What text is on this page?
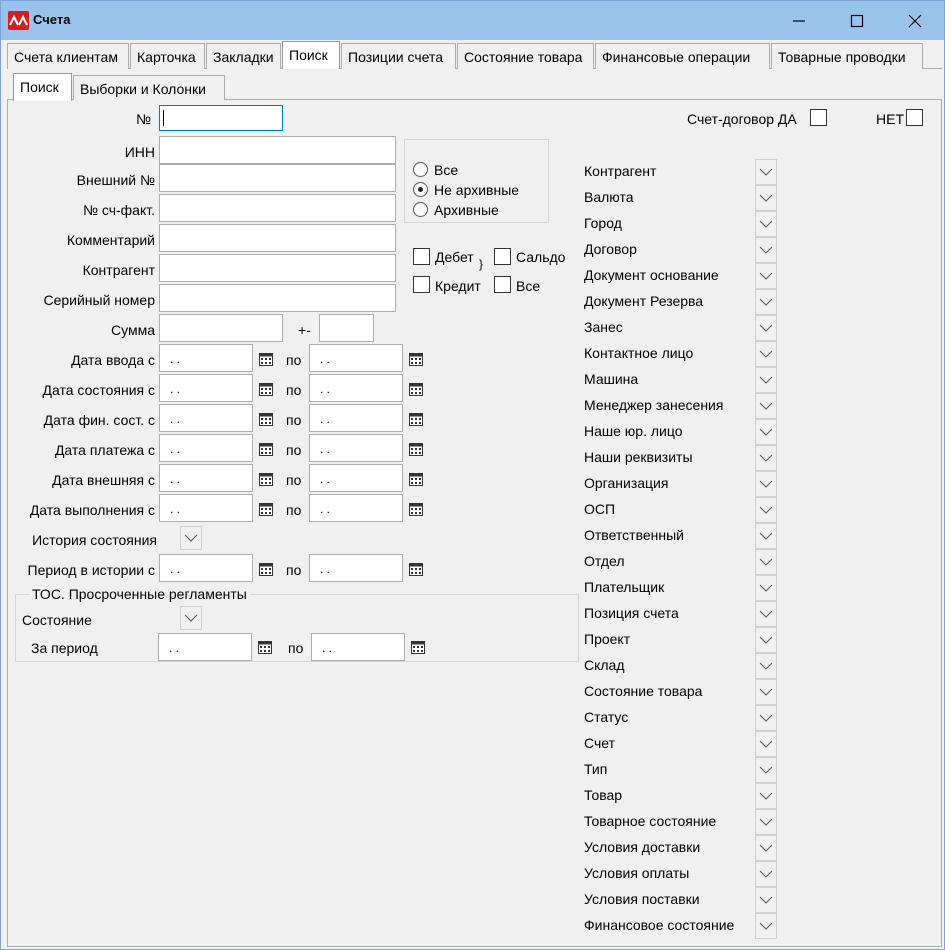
Счета
Счета клиентам	Карточка	Закладки	Поиск	Позиции счета	Состояние товара	Финансовые операции	Товарные проводки
Поиск	Выборки и Колонки
№
ИНН
Внешний №
№ сч-факт.
Комментарий
Контрагент
Серийный номер
Сумма	+-
Все
Не архивные
Архивные
Дебет } Сальдо
Кредит	Все
Счет-договор ДА	НЕТ
Дата ввода с	. .	по	. .
Дата состояния с	. .	по	. .
Дата фин. сост. с	. .	по	. .
Дата платежа с	. .	по	. .
Дата внешняя с	. .	по	. .
Дата выполнения с	. .	по	. .
История состояния
Период в истории с	. .	по	. .
ТОС. Просроченные регламенты
Состояние
За период	. .	по	. .
Контрагент
Валюта
Город
Договор
Документ основание
Документ Резерва
Занес
Контактное лицо
Машина
Менеджер занесения
Наше юр. лицо
Наши реквизиты
Организация
ОСП
Ответственный
Отдел
Плательщик
Позиция счета
Проект
Склад
Состояние товара
Статус
Счет
Тип
Товар
Товарное состояние
Условия доставки
Условия оплаты
Условия поставки
Финансовое состояние
